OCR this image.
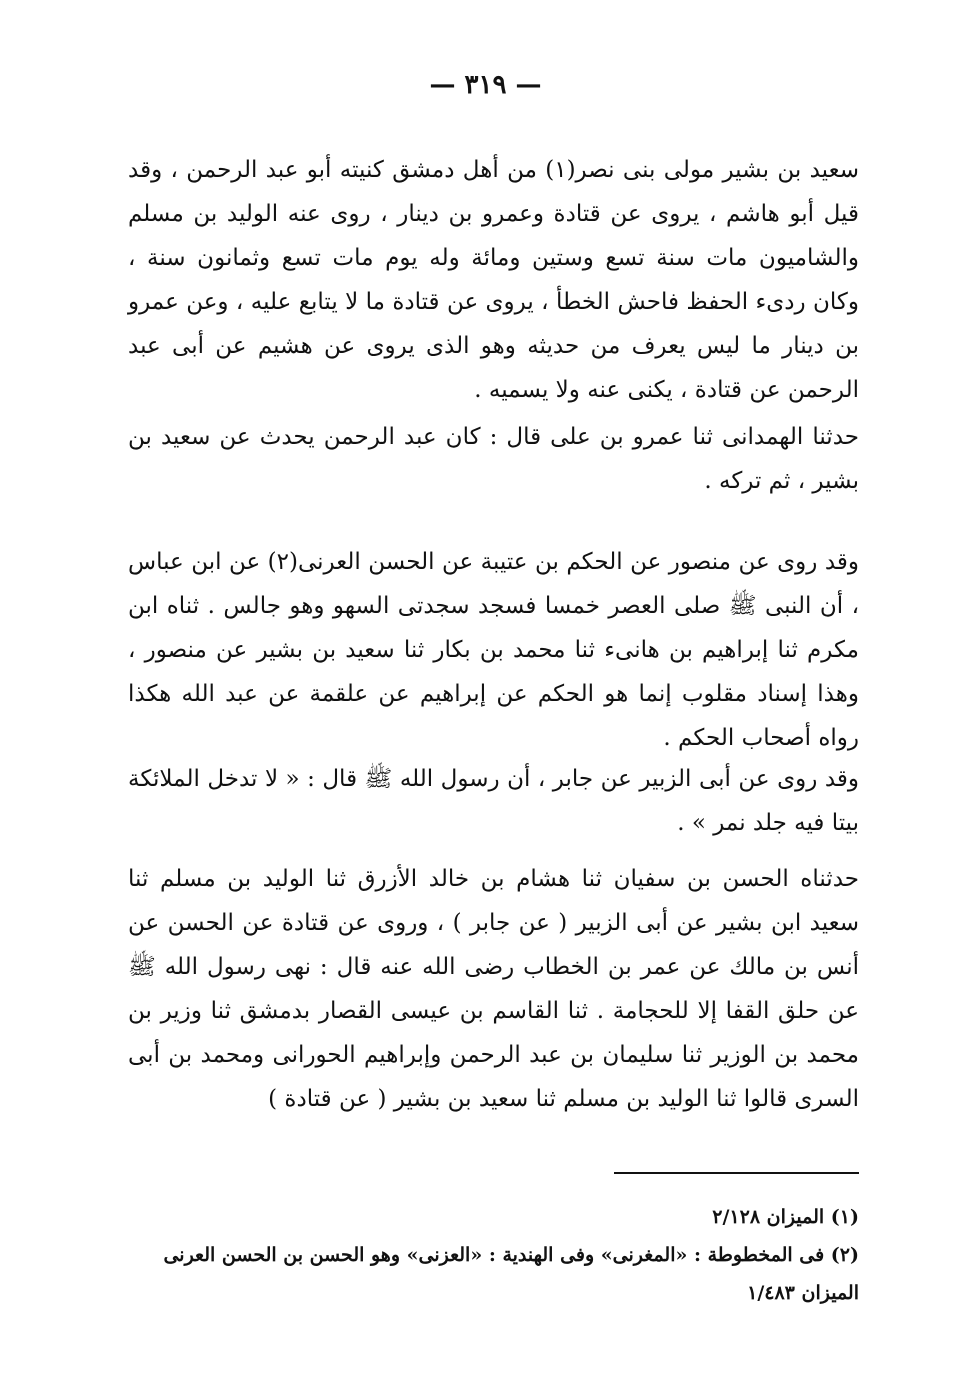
— ٣١٩ —

سعيد بن بشير مولى بنى نصر(١) من أهل دمشق كنيته أبو عبد الرحمن ، وقد قيل أبو هاشم ، يروى عن قتادة وعمرو بن دينار ، روى عنه الوليد بن مسلم والشاميون مات سنة تسع وستين ومائة وله يوم مات تسع وثمانون سنة ، وكان ردىء الحفظ فاحش الخطأ ، يروى عن قتادة ما لا يتابع عليه ، وعن عمرو بن دينار ما ليس يعرف من حديثه وهو الذى يروى عن هشيم عن أبى عبد الرحمن عن قتادة ، يكنى عنه ولا يسميه .

حدثنا الهمدانى ثنا عمرو بن على قال : كان عبد الرحمن يحدث عن سعيد بن بشير ، ثم تركه .

وقد روى عن منصور عن الحكم بن عتيبة عن الحسن العرنى(٢) عن ابن عباس ، أن النبى ﷺ صلى العصر خمسا فسجد سجدتى السهو وهو جالس . ثناه ابن مكرم ثنا إبراهيم بن هانىء ثنا محمد بن بكار ثنا سعيد بن بشير عن منصور ، وهذا إسناد مقلوب إنما هو الحكم عن إبراهيم عن علقمة عن عبد الله هكذا رواه أصحاب الحكم .

وقد روى عن أبى الزبير عن جابر ، أن رسول الله ﷺ قال : « لا تدخل الملائكة بيتا فيه جلد نمر » .

حدثناه الحسن بن سفيان ثنا هشام بن خالد الأزرق ثنا الوليد بن مسلم ثنا سعيد ابن بشير عن أبى الزبير ( عن جابر ) ، وروى عن قتادة عن الحسن عن أنس بن مالك عن عمر بن الخطاب رضى الله عنه قال : نهى رسول الله ﷺ عن حلق القفا إلا للحجامة . ثنا القاسم بن عيسى القصار بدمشق ثنا وزير بن محمد بن الوزير ثنا سليمان بن عبد الرحمن وإبراهيم الحورانى ومحمد بن أبى السرى قالوا ثنا الوليد بن مسلم ثنا سعيد بن بشير ( عن قتادة )

(١) الميزان ٢/١٢٨
(٢) فى المخطوطة : «المغرنى» وفى الهندية : «العزنى» وهو الحسن بن الحسن العرنى الميزان ١/٤٨٣
